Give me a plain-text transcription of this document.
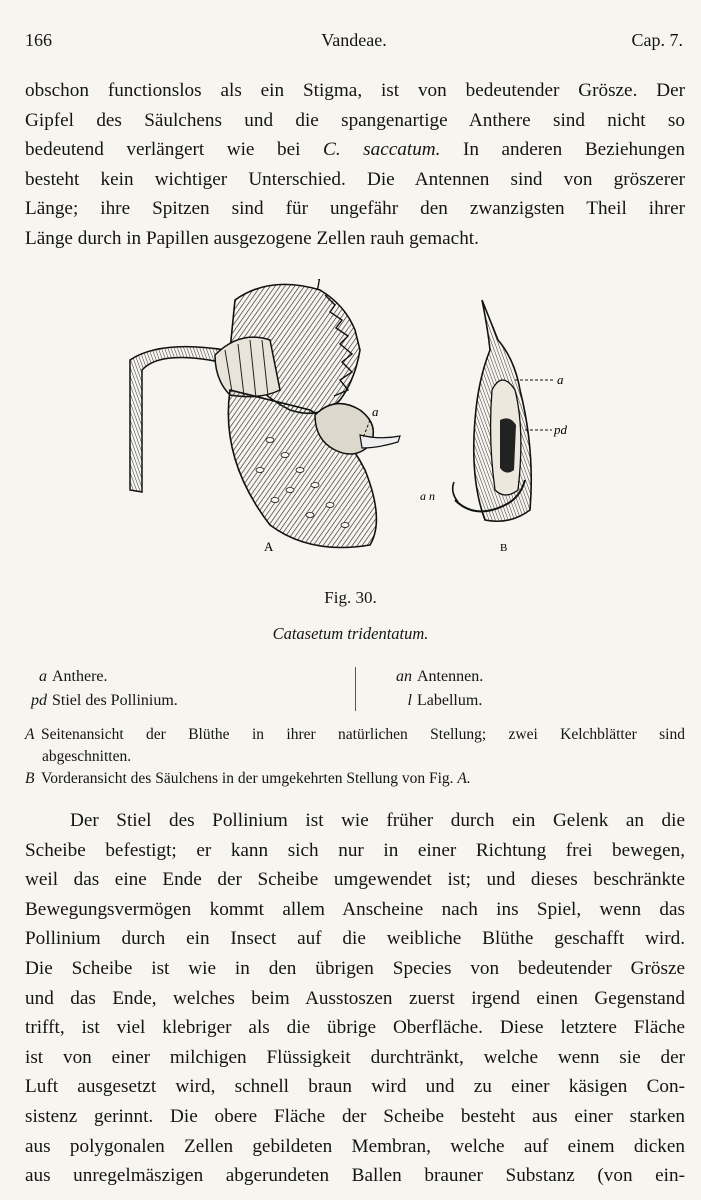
166	Vandeae.	Cap. 7.
obschon functionslos als ein Stigma, ist von bedeutender Grösze. Der
Gipfel des Säulchens und die spangenartige Anthere sind nicht so
bedeutend verlängert wie bei C. saccatum. In anderen Beziehungen
besteht kein wichtiger Unterschied. Die Antennen sind von gröszerer
Länge; ihre Spitzen sind für ungefähr den zwanzigsten Theil ihrer
Länge durch in Papillen ausgezogene Zellen rauh gemacht.
l
a
a
pd
a n
A	B
Fig. 30.
Catasetum tridentatum.
a Anthere.
pd Stiel des Pollinium.
an Antennen.
l Labellum.
A Seitenansicht der Blüthe in ihrer natürlichen Stellung; zwei Kelchblätter sind
abgeschnitten.
B Vorderansicht des Säulchens in der umgekehrten Stellung von Fig. A.
Der Stiel des Pollinium ist wie früher durch ein Gelenk an die
Scheibe befestigt; er kann sich nur in einer Richtung frei bewegen,
weil das eine Ende der Scheibe umgewendet ist; und dieses beschränkte
Bewegungsvermögen kommt allem Anscheine nach ins Spiel, wenn das
Pollinium durch ein Insect auf die weibliche Blüthe geschafft wird.
Die Scheibe ist wie in den übrigen Species von bedeutender Grösze
und das Ende, welches beim Ausstoszen zuerst irgend einen Gegenstand
trifft, ist viel klebriger als die übrige Oberfläche. Diese letztere Fläche
ist von einer milchigen Flüssigkeit durchtränkt, welche wenn sie der
Luft ausgesetzt wird, schnell braun wird und zu einer käsigen Con-
sistenz gerinnt. Die obere Fläche der Scheibe besteht aus einer starken
aus polygonalen Zellen gebildeten Membran, welche auf einem dicken
aus unregelmäszigen abgerundeten Ballen brauner Substanz (von ein-
